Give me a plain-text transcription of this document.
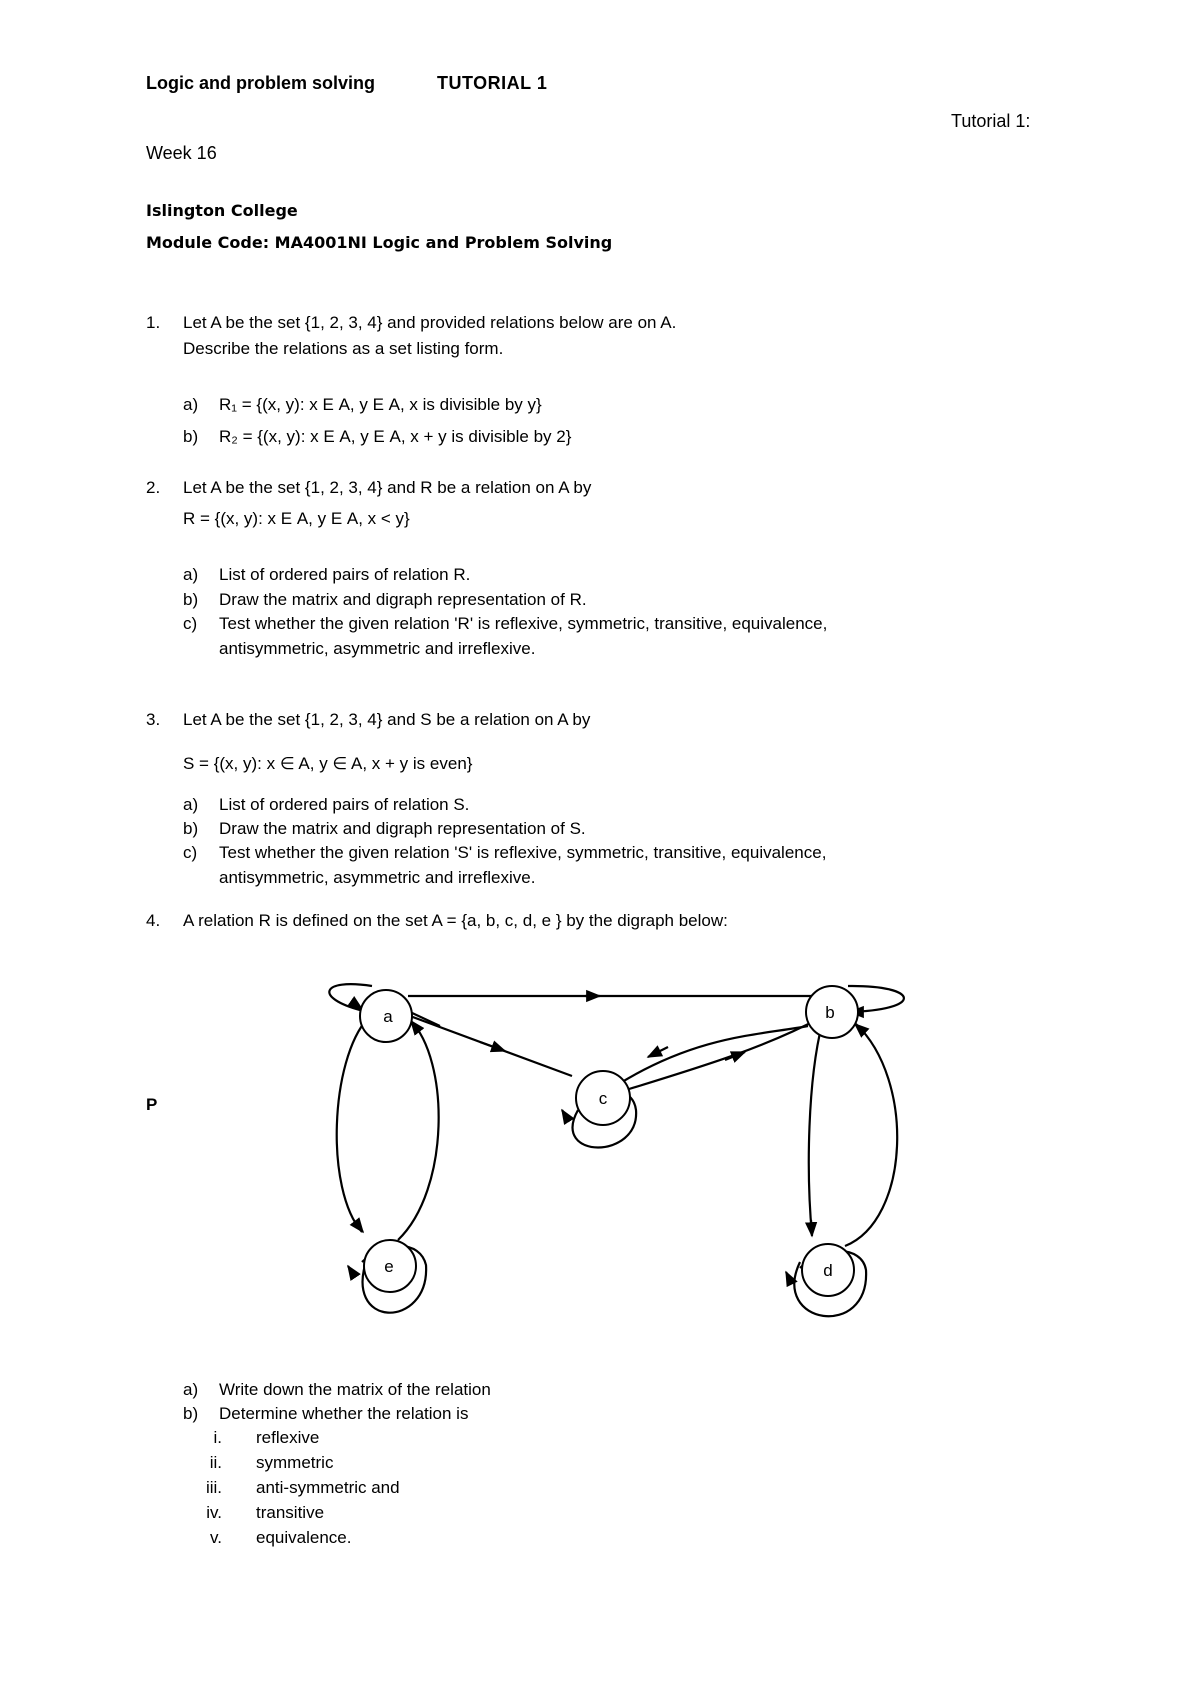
Logic and problem solving	TUTORIAL 1
Tutorial 1:
Week 16
Islington College
Module Code: MA4001NI Logic and Problem Solving
1. Let A be the set {1, 2, 3, 4} and provided relations below are on A.
Describe the relations as a set listing form.
a) R₁ = {(x, y): x Ε A, y Ε A, x is divisible by y}
b) R₂ = {(x, y): x Ε A, y Ε A, x + y is divisible by 2}
2. Let A be the set {1, 2, 3, 4} and R be a relation on A by
R = {(x, y): x Ε A, y Ε A, x < y}
a) List of ordered pairs of relation R.
b) Draw the matrix and digraph representation of R.
c) Test whether the given relation 'R' is reflexive, symmetric, transitive, equivalence,
antisymmetric, asymmetric and irreflexive.
3. Let A be the set {1, 2, 3, 4} and S be a relation on A by
S = {(x, y): x ∈ A, y ∈ A, x + y is even}
a) List of ordered pairs of relation S.
b) Draw the matrix and digraph representation of S.
c) Test whether the given relation 'S' is reflexive, symmetric, transitive, equivalence,
antisymmetric, asymmetric and irreflexive.
4. A relation R is defined on the set A = {a, b, c, d, e } by the digraph below:
P
a	b
c
d
e
a) Write down the matrix of the relation
b) Determine whether the relation is
i. reflexive
ii. symmetric
iii. anti-symmetric and
iv. transitive
v. equivalence.
